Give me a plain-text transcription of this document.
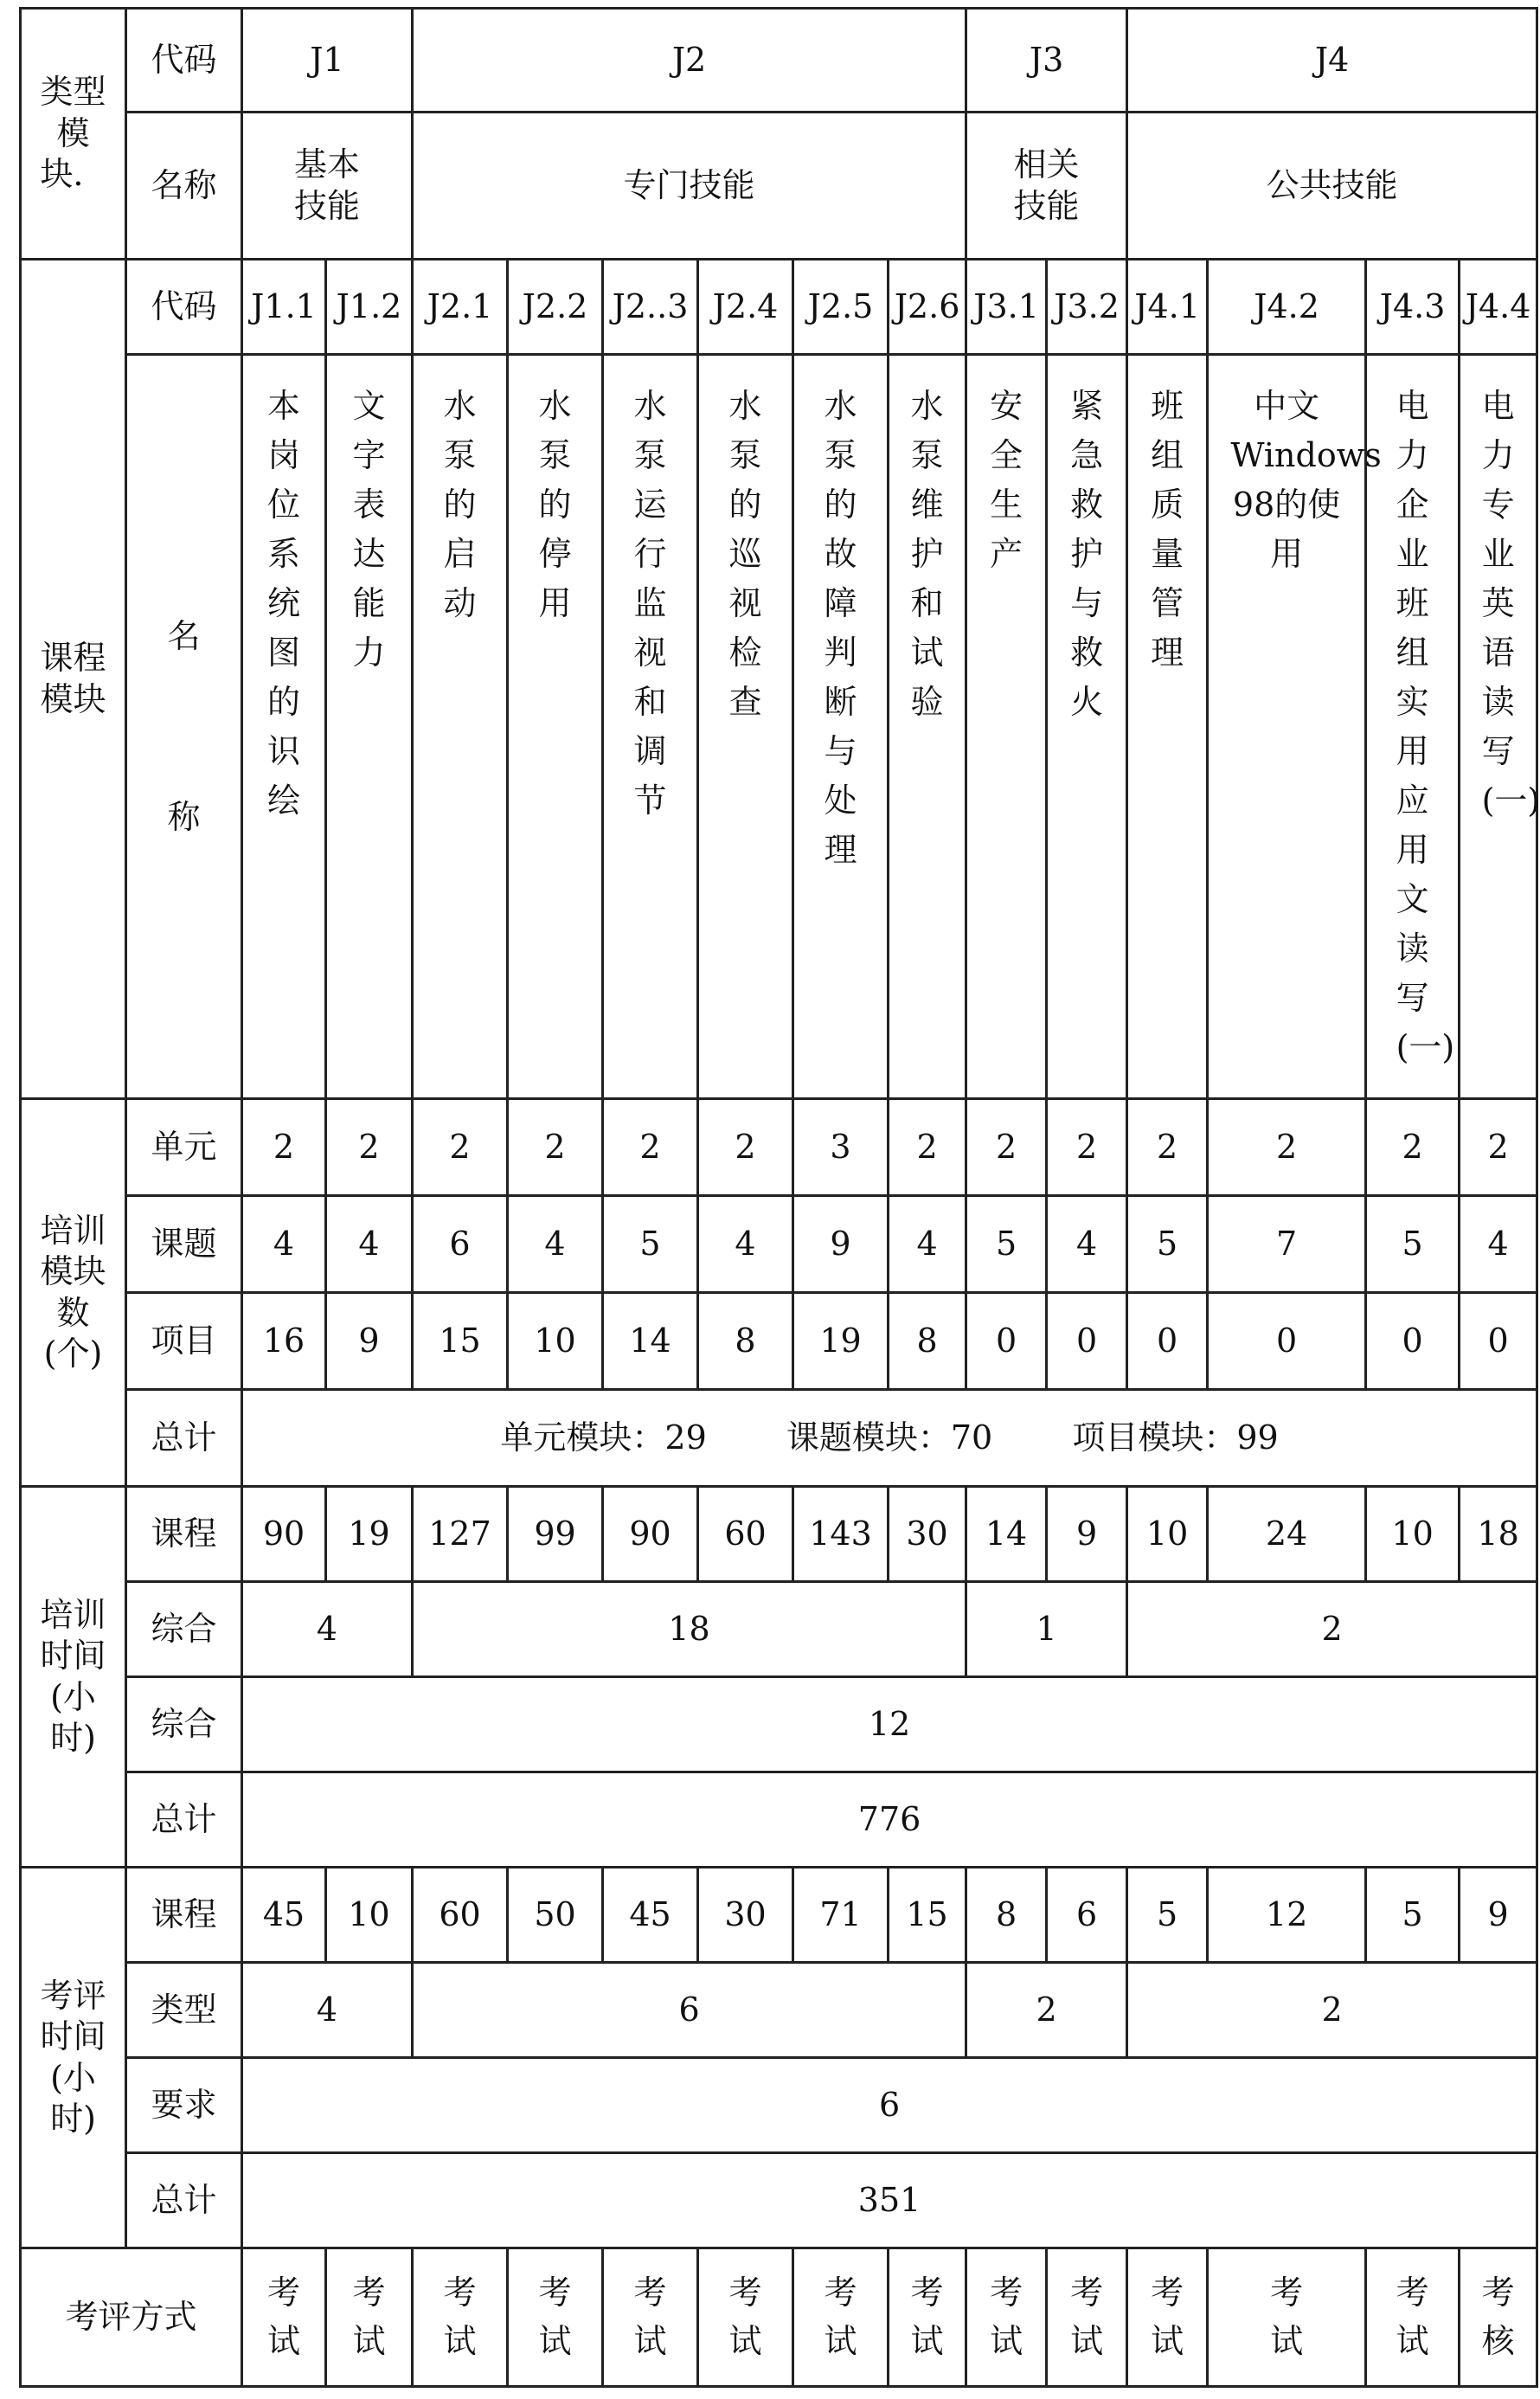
类型模块．	代码	J1		J2						J3		J4			
	名称	基本技能		专门技能						相关技能		公共技能			
课程模块	代码	J1.1	J1.2	J2.1	J2.2	J2..3	J2.4	J2.5	J2.6	J3.1	J3.2	J4.1	J4.2	J4.3	J4.4
	名
称	本岗位系统图的识绘	文字表达能力	水泵的启动	水泵的停用	水泵运行监视和调节	水泵的巡视检查	水泵的故障判断与处理	水泵维护和试验	安全生产	紧急救护与救火	班组质量管理	中文Windows 98的使用	电力企业班组实用应用文读写(一)	电力专业英语读写(一)
培训模块数(个)	单元	2	2	2	2	2	2	3	2	2	2	2	2	2	2
	课题	4	4	6	4	5	4	9	4	5	4	5	7	5	4
	项目	16	9	15	10	14	8	19	8	0	0	0	0	0	0
	总计	单元模块：29 课题模块：70 项目模块：99													
培训时间(小时)	课程	90	19	127	99	90	60	143	30	14	9	10	24	10	18
	综合	4		18						1		2			
	综合	12													
	总计	776													
考评时间(小时)	课程	45	10	60	50	45	30	71	15	8	6	5	12	5	9
	类型	4		6						2		2			
	要求	6													
	总计	351													
考评方式		考试	考试	考试	考试	考试	考试	考试	考试	考试	考试	考试	考试	考试	考核
